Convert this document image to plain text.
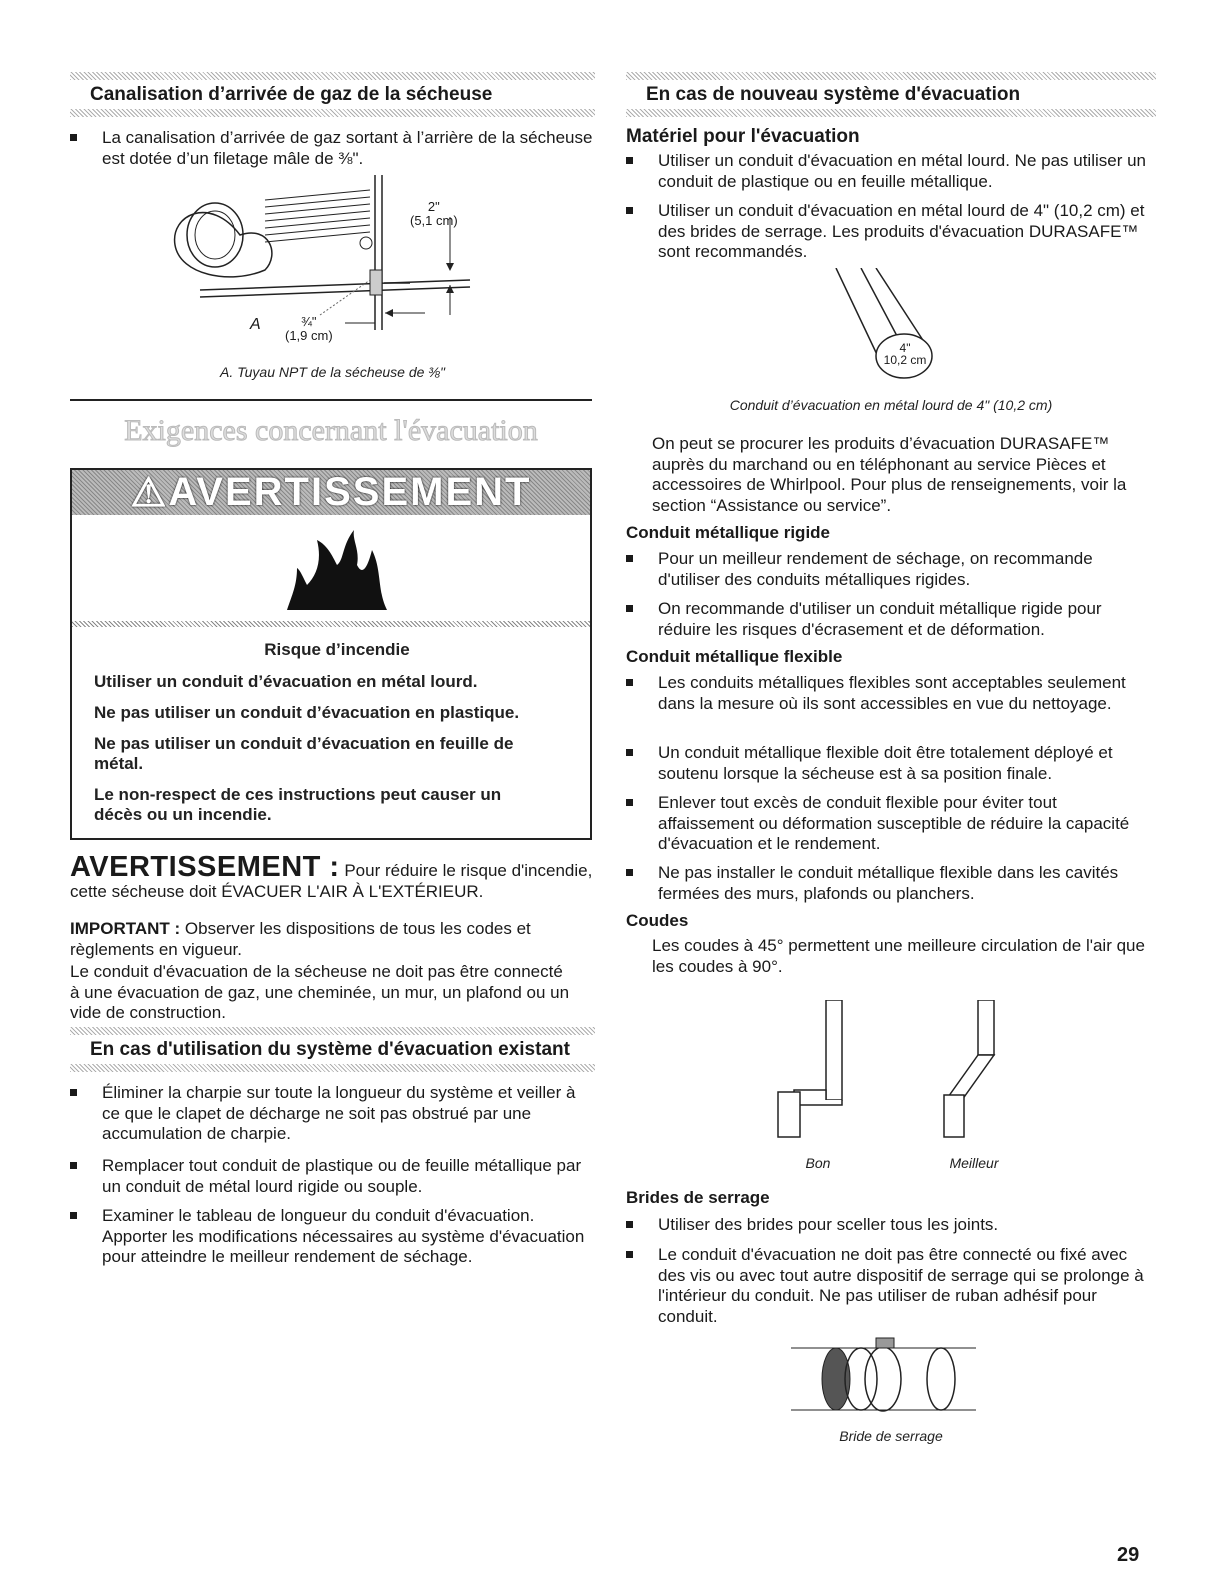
Canalisation d’arrivée de gaz de la sécheuse
La canalisation d’arrivée de gaz sortant à l’arrière de la sécheuse est dotée d’un filetage mâle de ⅜".
2"
(5,1 cm)
¾"
(1,9 cm)
A
A. Tuyau NPT de la sécheuse de ⅜"
Exigences concernant l'évacuation
⚠ AVERTISSEMENT
Risque d’incendie
Utiliser un conduit d’évacuation en métal lourd.
Ne pas utiliser un conduit d’évacuation en plastique.
Ne pas utiliser un conduit d’évacuation en feuille de métal.
Le non-respect de ces instructions peut causer un décès ou un incendie.
AVERTISSEMENT : Pour réduire le risque d'incendie, cette sécheuse doit ÉVACUER L'AIR À L'EXTÉRIEUR.
IMPORTANT : Observer les dispositions de tous les codes et règlements en vigueur.
Le conduit d'évacuation de la sécheuse ne doit pas être connecté à une évacuation de gaz, une cheminée, un mur, un plafond ou un vide de construction.
En cas d'utilisation du système d'évacuation existant
Éliminer la charpie sur toute la longueur du système et veiller à ce que le clapet de décharge ne soit pas obstrué par une accumulation de charpie.
Remplacer tout conduit de plastique ou de feuille métallique par un conduit de métal lourd rigide ou souple.
Examiner le tableau de longueur du conduit d'évacuation. Apporter les modifications nécessaires au système d'évacuation pour atteindre le meilleur rendement de séchage.
En cas de nouveau système d'évacuation
Matériel pour l'évacuation
Utiliser un conduit d'évacuation en métal lourd. Ne pas utiliser un conduit de plastique ou en feuille métallique.
Utiliser un conduit d'évacuation en métal lourd de 4" (10,2 cm) et des brides de serrage. Les produits d'évacuation DURASAFE™ sont recommandés.
4"
10,2 cm
Conduit d’évacuation en métal lourd de 4" (10,2 cm)
On peut se procurer les produits d’évacuation DURASAFE™ auprès du marchand ou en téléphonant au service Pièces et accessoires de Whirlpool. Pour plus de renseignements, voir la section “Assistance ou service”.
Conduit métallique rigide
Pour un meilleur rendement de séchage, on recommande d'utiliser des conduits métalliques rigides.
On recommande d'utiliser un conduit métallique rigide pour réduire les risques d'écrasement et de déformation.
Conduit métallique flexible
Les conduits métalliques flexibles sont acceptables seulement dans la mesure où ils sont accessibles en vue du nettoyage.
Un conduit métallique flexible doit être totalement déployé et soutenu lorsque la sécheuse est à sa position finale.
Enlever tout excès de conduit flexible pour éviter tout affaissement ou déformation susceptible de réduire la capacité d'évacuation et le rendement.
Ne pas installer le conduit métallique flexible dans les cavités fermées des murs, plafonds ou planchers.
Coudes
Les coudes à 45° permettent une meilleure circulation de l'air que les coudes à 90°.
Bon	Meilleur
Brides de serrage
Utiliser des brides pour sceller tous les joints.
Le conduit d'évacuation ne doit pas être connecté ou fixé avec des vis ou avec tout autre dispositif de serrage qui se prolonge à l'intérieur du conduit. Ne pas utiliser de ruban adhésif pour conduit.
Bride de serrage
29
